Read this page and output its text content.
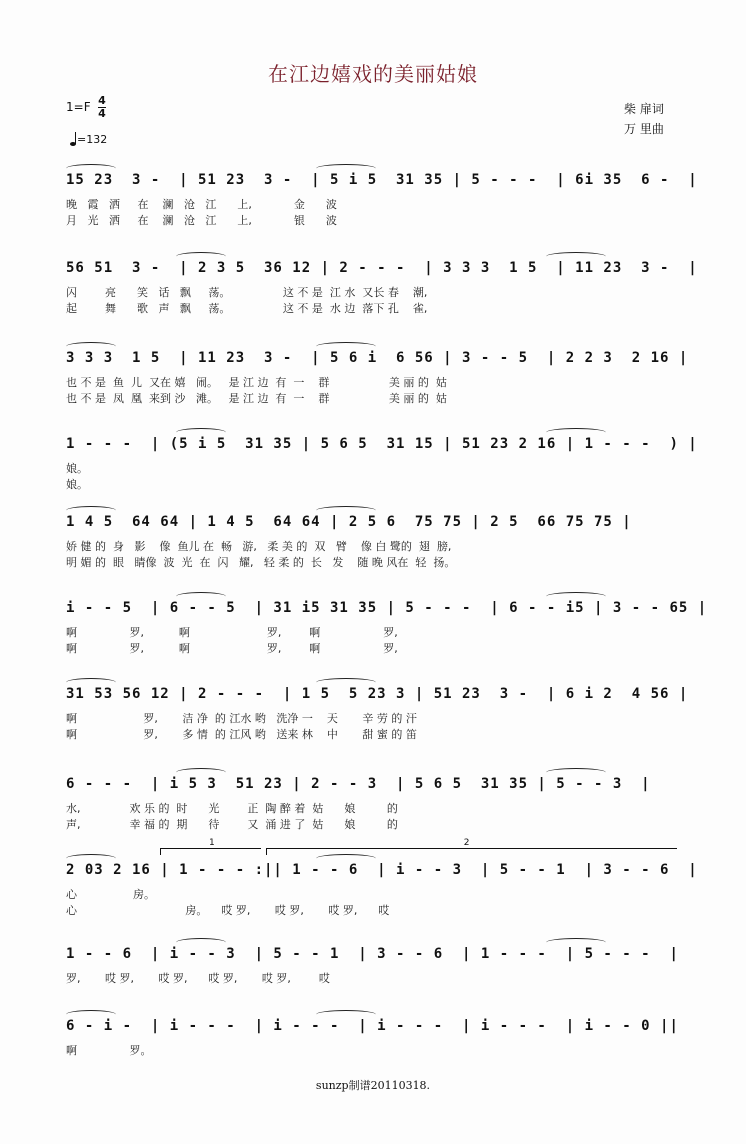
在江边嬉戏的美丽姑娘
1=F 4
4	柴 扉词
万 里曲
=132
15 23  3 -  | 51 23  3 -  | 5 i 5  31 35 | 5 - - -  | 6i 35  6 -  |
晚   霞   洒     在    澜   沧   江      上,            金      波
月   光   洒     在    澜   沧   江      上,            银      波
56 51  3 -  | 2 3 5  36 12 | 2 - - -  | 3 3 3  1 5  | 11 23  3 -  |
闪        亮      笑   话   飘     荡。               这 不 是  江 水  又长 春    潮,
起        舞      歌   声   飘     荡。               这 不 是  水 边  落下 孔    雀,
3 3 3  1 5  | 11 23  3 -  | 5 6 i  6 56 | 3 - - 5  | 2 2 3  2 16 |
也 不 是  鱼  儿  又在 嬉   闹。   是 江 边  有  一    群                 美 丽 的  姑
也 不 是  凤  凰  来到 沙   滩。   是 江 边  有  一    群                 美 丽 的  姑
1 - - -  | (5 i 5  31 35 | 5 6 5  31 15 | 51 23 2 16 | 1 - - -  ) |
娘。
娘。
1 4 5  64 64 | 1 4 5  64 64 | 2 5 6  75 75 | 2 5  66 75 75 |
娇 健 的  身   影    像  鱼儿 在  畅   游,   柔 美 的  双   臂    像 白 鹭的  翅  膀,
明 媚 的  眼   睛像  波  光  在  闪   耀,   轻 柔 的  长   发    随 晚 风在  轻  扬。
i - - 5  | 6 - - 5  | 31 i5 31 35 | 5 - - -  | 6 - - i5 | 3 - - 65 |
啊               罗,          啊                      罗,        啊                  罗,
啊               罗,          啊                      罗,        啊                  罗,
31 53 56 12 | 2 - - -  | 1 5  5 23 3 | 51 23  3 -  | 6 i 2  4 56 |
啊                   罗,       洁 净  的 江水 哟   洗净 一    天       辛 劳 的 汗
啊                   罗,       多 情  的 江风 哟   送来 林    中       甜 蜜 的 笛
6 - - -  | i 5 3  51 23 | 2 - - 3  | 5 6 5  31 35 | 5 - - 3  |
水,              欢 乐 的  时      光        正  陶 醉 着  姑      娘         的
声,              幸 福 的  期      待        又  涌 进 了  姑      娘         的
2 03 2 16 | 1 - - - :|| 1 - - 6  | i - - 3  | 5 - - 1  | 3 - - 6  |
心                房。
心                               房。    哎 罗,       哎 罗,       哎 罗,      哎
1 - - 6  | i - - 3  | 5 - - 1  | 3 - - 6  | 1 - - -  | 5 - - -  |
罗,       哎 罗,       哎 罗,      哎 罗,       哎 罗,        哎
6 - i -  | i - - -  | i - - -  | i - - -  | i - - -  | i - - 0 ||
啊               罗。
1	2
sunzp制谱20110318.
